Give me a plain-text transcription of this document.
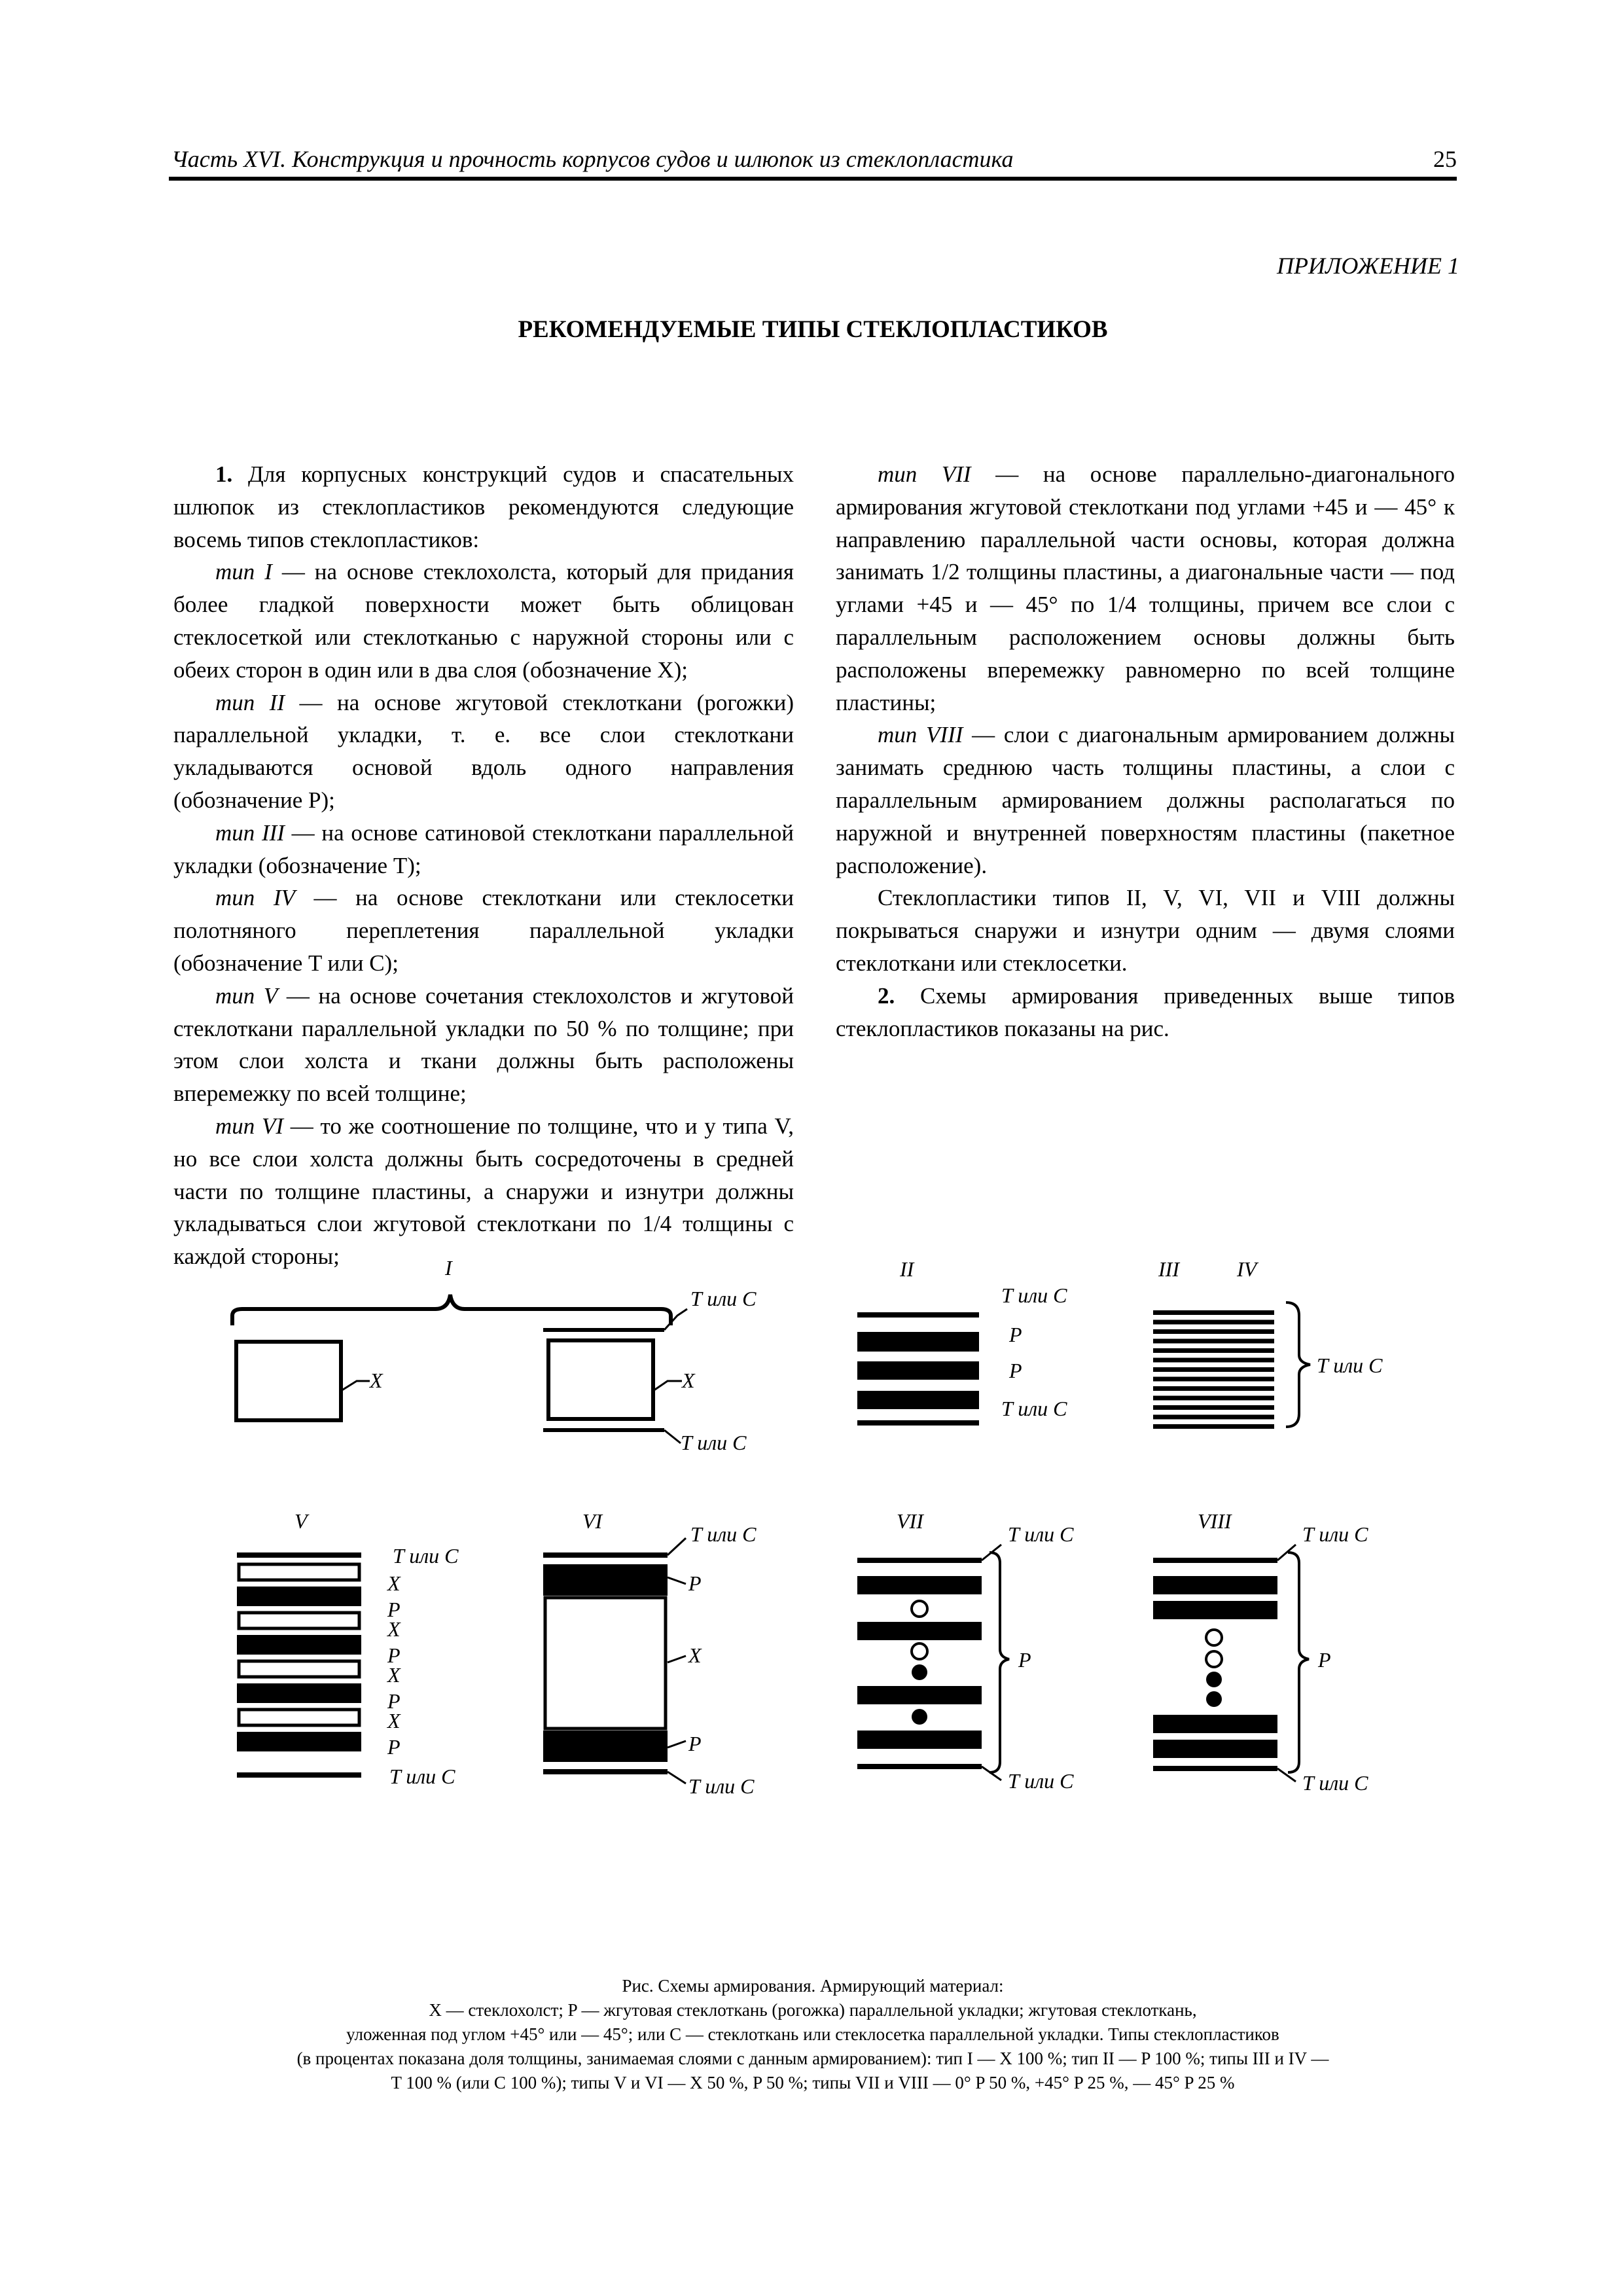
Часть XVI. Конструкция и прочность корпусов судов и шлюпок из стеклопластика	25
ПРИЛОЖЕНИЕ 1
РЕКОМЕНДУЕМЫЕ ТИПЫ СТЕКЛОПЛАСТИКОВ

1. Для корпусных конструкций судов и спасательных шлюпок из стеклопластиков рекомендуются следующие восемь типов стеклопластиков:

тип I — на основе стеклохолста, который для придания более гладкой поверхности может быть облицован стеклосеткой или стеклотканью с наружной стороны или с обеих сторон в один или в два слоя (обозначение X);

тип II — на основе жгутовой стеклоткани (рогожки) параллельной укладки, т. е. все слои стеклоткани укладываются основой вдоль одного направления (обозначение P);

тип III — на основе сатиновой стеклоткани параллельной укладки (обозначение T);

тип IV — на основе стеклоткани или стеклосетки полотняного переплетения параллельной укладки (обозначение T или C);

тип V — на основе сочетания стеклохолстов и жгутовой стеклоткани параллельной укладки по 50 % по толщине; при этом слои холста и ткани должны быть расположены вперемежку по всей толщине;

тип VI — то же соотношение по толщине, что и у типа V, но все слои холста должны быть сосредоточены в средней части по толщине пластины, а снаружи и изнутри должны укладываться слои жгутовой стеклоткани по 1/4 толщины с каждой стороны;

тип VII — на основе параллельно-диагонального армирования жгутовой стеклоткани под углами +45 и — 45° к направлению параллельной части основы, которая должна занимать 1/2 толщины пластины, а диагональные части — под углами +45 и — 45° по 1/4 толщины, причем все слои с параллельным расположением основы должны быть расположены вперемежку равномерно по всей толщине пластины;

тип VIII — слои с диагональным армированием должны занимать среднюю часть толщины пластины, а слои с параллельным армированием должны располагаться по наружной и внутренней поверхностям пластины (пакетное расположение).

Стеклопластики типов II, V, VI, VII и VIII должны покрываться снаружи и изнутри одним — двумя слоями стеклоткани или стеклосетки.

2. Схемы армирования приведенных выше типов стеклопластиков показаны на рис.

I
X
T или C
X
T или C
II
T или C
P
P
T или C
III	IV
T или C
V
T или C
X
P
X
P
X
P
X
P
T или C
VI
T или C
P
X
P
T или C
VII
T или C
P
T или C
VIII
T или C
P
T или C

Рис. Схемы армирования. Армирующий материал:

X — стеклохолст; P — жгутовая стеклоткань (рогожка) параллельной укладки; жгутовая стеклоткань,

уложенная под углом +45° или — 45°; или C — стеклоткань или стеклосетка параллельной укладки. Типы стеклопластиков

(в процентах показана доля толщины, занимаемая слоями с данным армированием): тип I — X 100 %; тип II — P 100 %; типы III и IV —

T 100 % (или C 100 %); типы V и VI — X 50 %, P 50 %; типы VII и VIII — 0° P 50 %, +45° P 25 %, — 45° P 25 %
